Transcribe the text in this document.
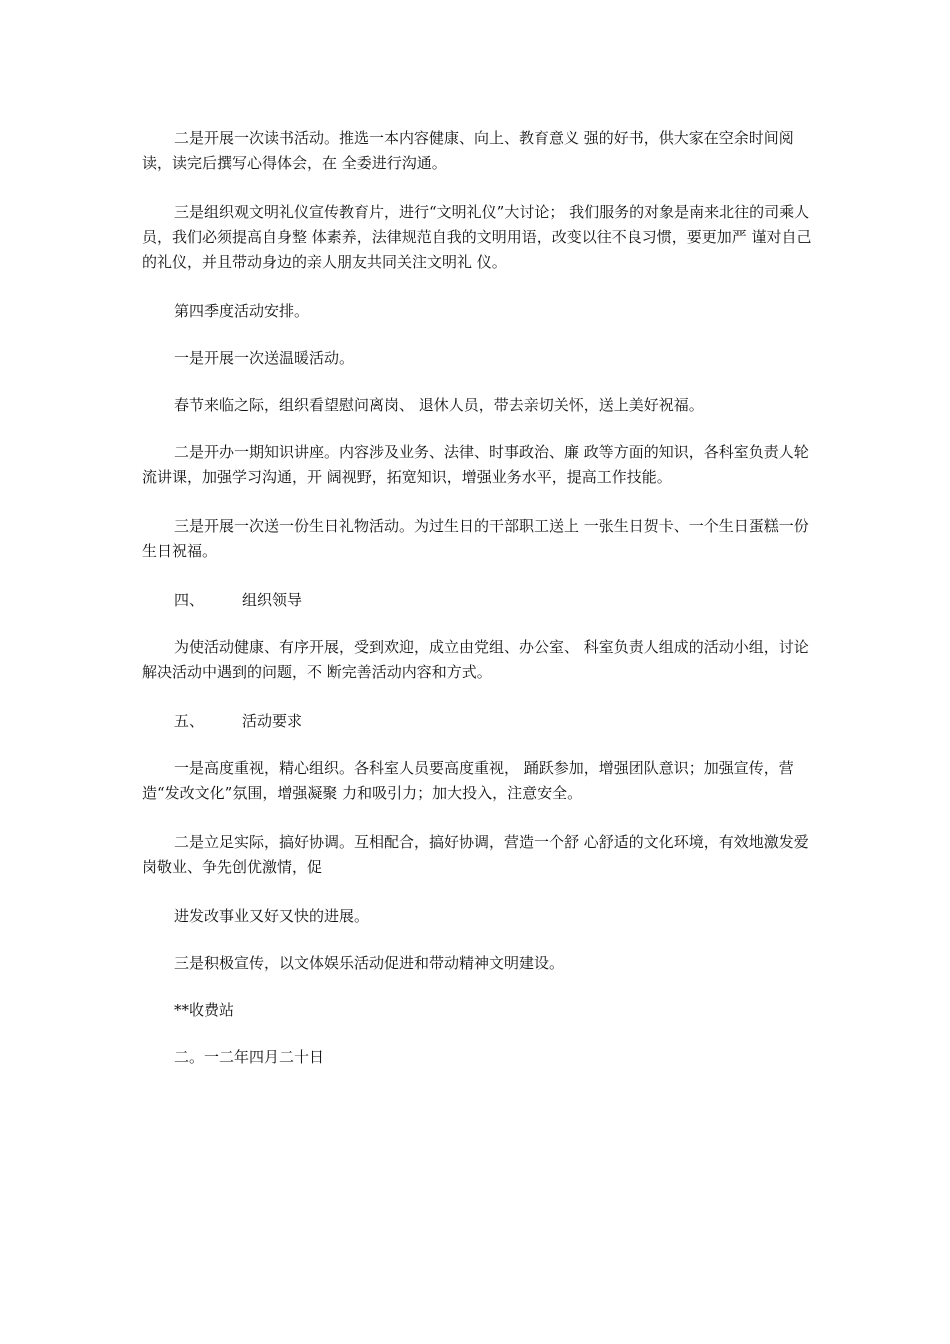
二是开展一次读书活动。推选一本内容健康、向上、教育意义 强的好书，供大家在空余时间阅读，读完后撰写心得体会，在 全委进行沟通。

三是组织观文明礼仪宣传教育片，进行“文明礼仪”大讨论； 我们服务的对象是南来北往的司乘人员，我们必须提高自身整 体素养，法律规范自我的文明用语，改变以往不良习惯，要更加严 谨对自己的礼仪，并且带动身边的亲人朋友共同关注文明礼 仪。

第四季度活动安排。

一是开展一次送温暖活动。

春节来临之际，组织看望慰问离岗、 退休人员，带去亲切关怀，送上美好祝福。

二是开办一期知识讲座。内容涉及业务、法律、时事政治、廉 政等方面的知识，各科室负责人轮流讲课，加强学习沟通，开 阔视野，拓宽知识，增强业务水平，提高工作技能。

三是开展一次送一份生日礼物活动。为过生日的干部职工送上 一张生日贺卡、一个生日蛋糕一份生日祝福。

四、	组织领导

为使活动健康、有序开展，受到欢迎，成立由党组、办公室、 科室负责人组成的活动小组，讨论解决活动中遇到的问题，不 断完善活动内容和方式。

五、	活动要求

一是高度重视，精心组织。各科室人员要高度重视， 踊跃参加，增强团队意识；加强宣传，营造“发改文化”氛围，增强凝聚 力和吸引力；加大投入，注意安全。

二是立足实际，搞好协调。互相配合，搞好协调，营造一个舒 心舒适的文化环境，有效地激发爱岗敬业、争先创优激情，促

进发改事业又好又快的进展。

三是积极宣传，以文体娱乐活动促进和带动精神文明建设。

**收费站

二。一二年四月二十日
